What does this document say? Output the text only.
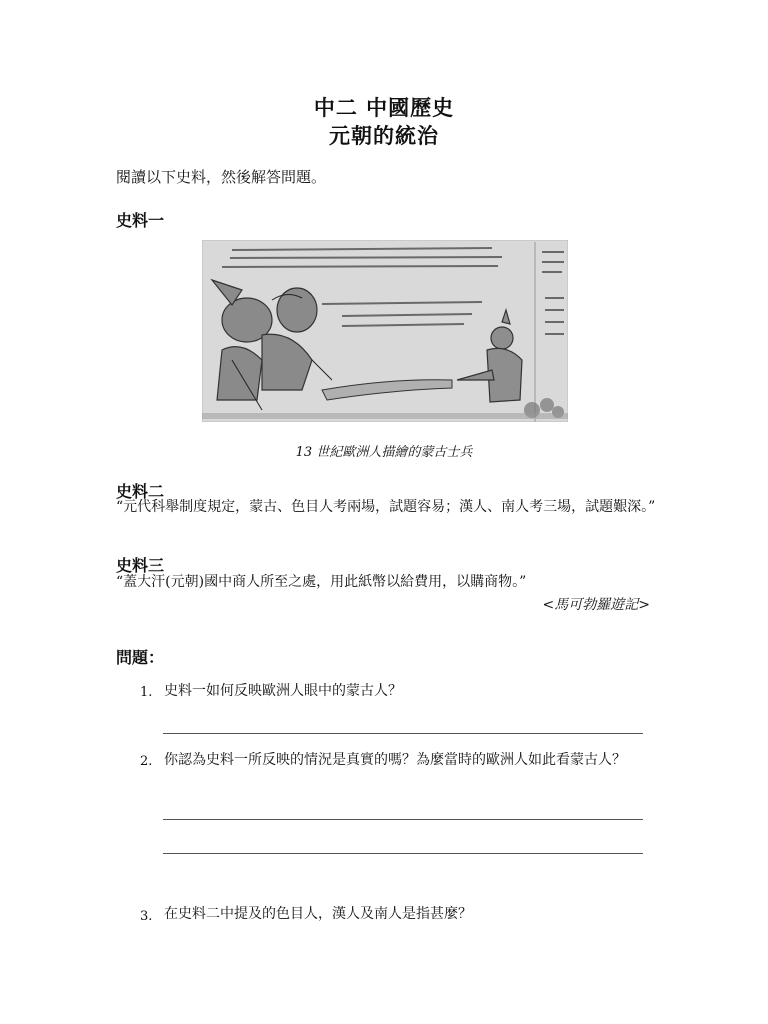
中二 中國歷史
元朝的統治
閱讀以下史料，然後解答問題。
史料一
13 世紀歐洲人描繪的蒙古士兵
史料二
“元代科舉制度規定，蒙古、色目人考兩場，試題容易；漢人、南人考三場，試題艱深。”
史料三
“蓋大汗(元朝)國中商人所至之處，用此紙幣以給費用，以購商物。”
<馬可勃羅遊記>
問題：
1. 史料一如何反映歐洲人眼中的蒙古人？
2. 你認為史料一所反映的情況是真實的嗎？為麼當時的歐洲人如此看蒙古人？
3. 在史料二中提及的色目人，漢人及南人是指甚麼？
